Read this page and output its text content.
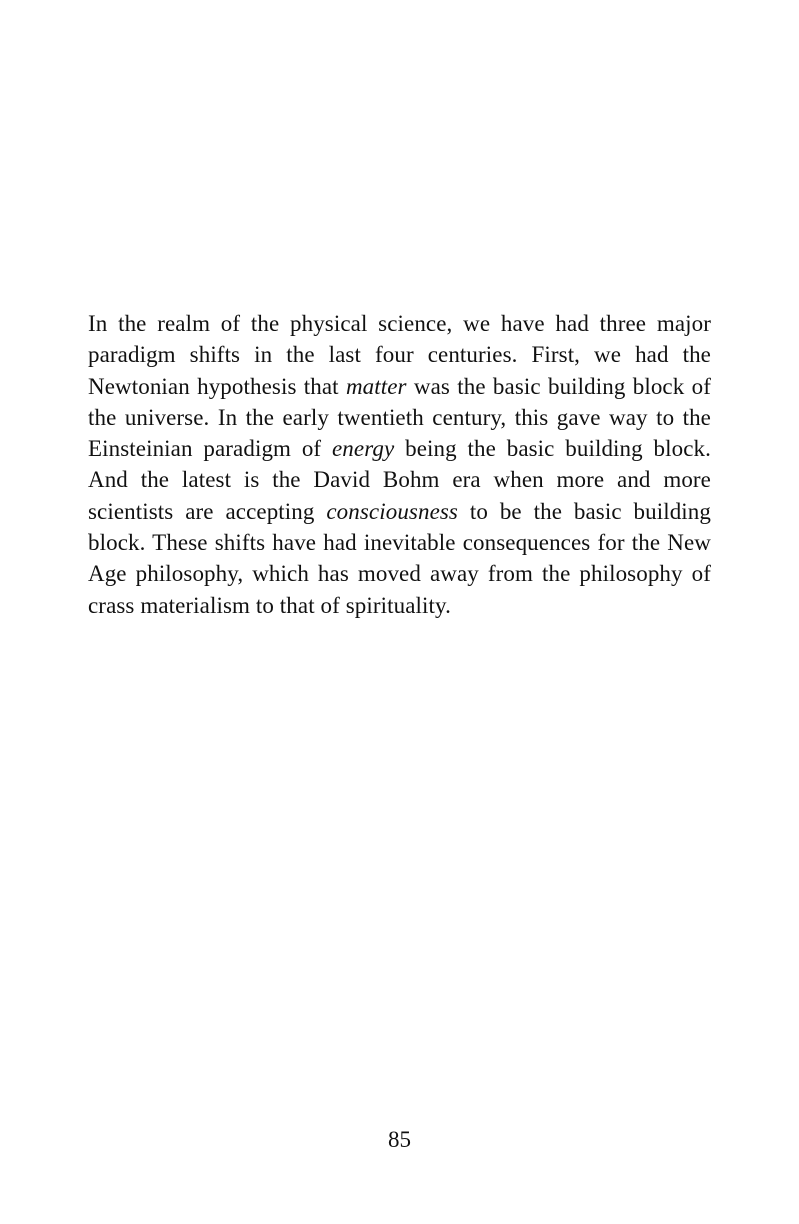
In the realm of the physical science, we have had three major paradigm shifts in the last four centuries. First, we had the Newtonian hypothesis that matter was the basic building block of the universe. In the early twentieth century, this gave way to the Einsteinian paradigm of energy being the basic building block. And the latest is the David Bohm era when more and more scientists are accepting consciousness to be the basic building block. These shifts have had inevitable consequences for the New Age philosophy, which has moved away from the philosophy of crass materialism to that of spirituality.

85
